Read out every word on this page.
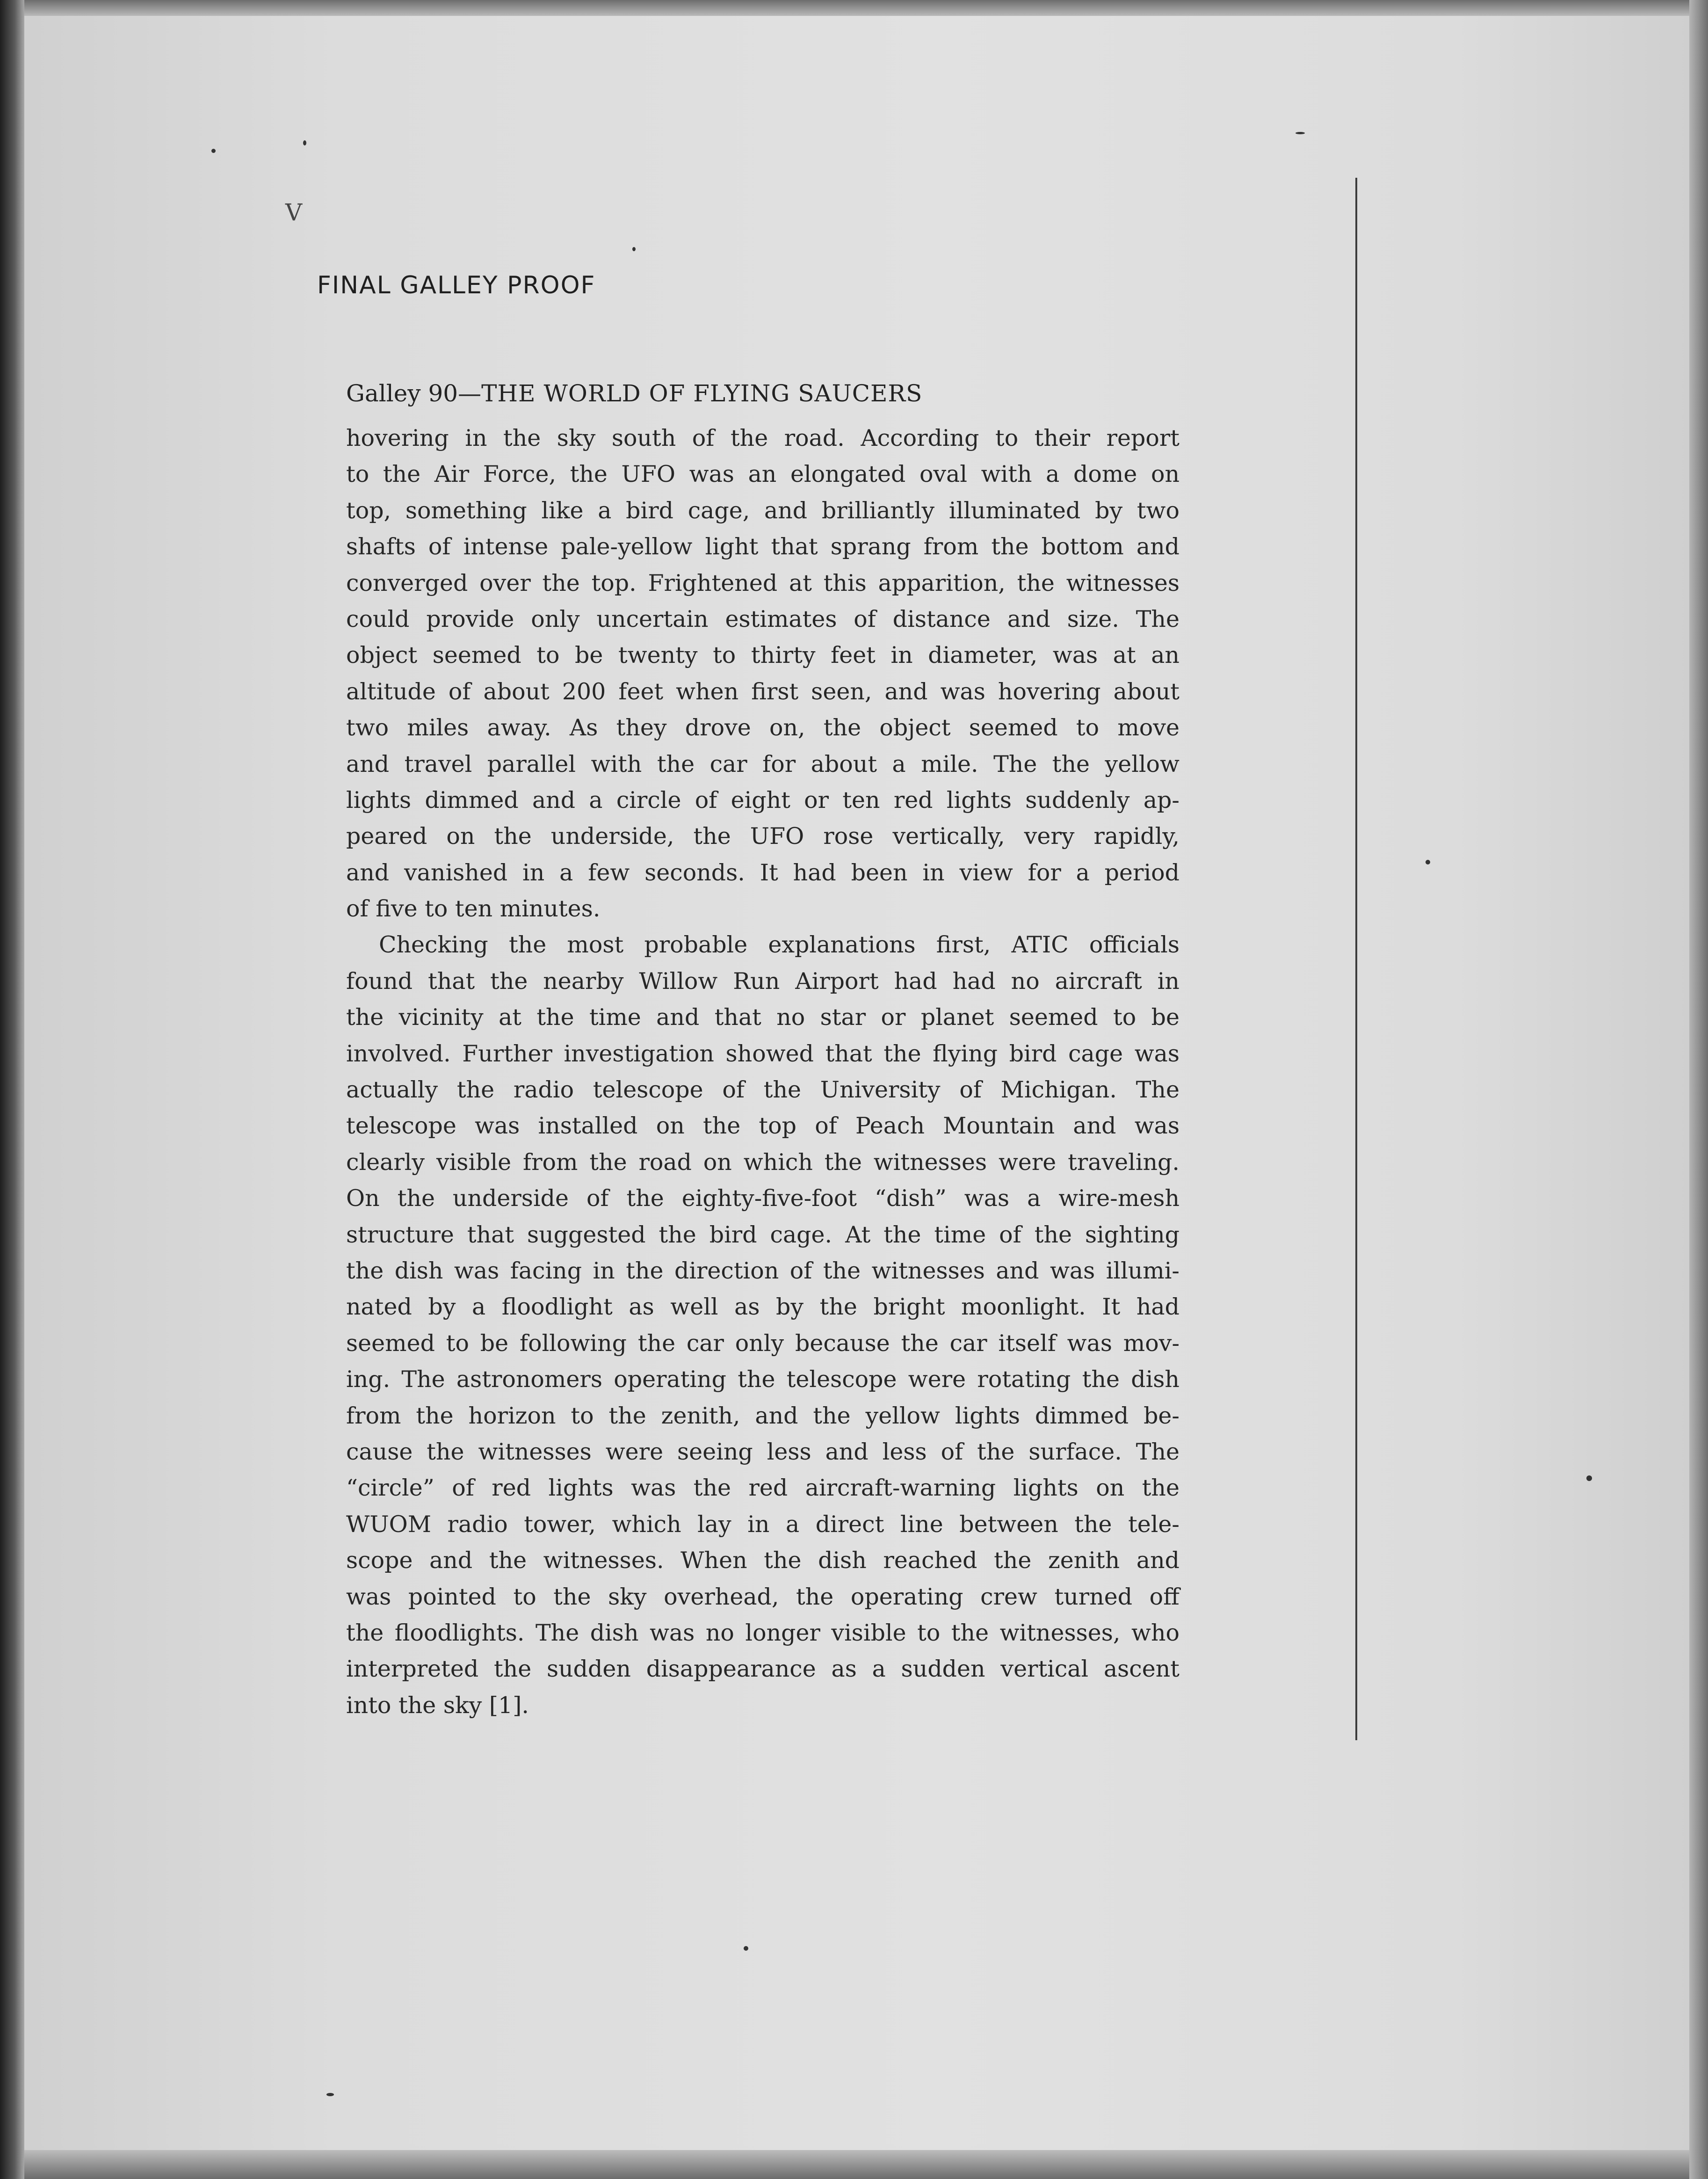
V
FINAL GALLEY PROOF
Galley 90—THE WORLD OF FLYING SAUCERS
hovering in the sky south of the road. According to their report
to the Air Force, the UFO was an elongated oval with a dome on
top, something like a bird cage, and brilliantly illuminated by two
shafts of intense pale-yellow light that sprang from the bottom and
converged over the top. Frightened at this apparition, the witnesses
could provide only uncertain estimates of distance and size. The
object seemed to be twenty to thirty feet in diameter, was at an
altitude of about 200 feet when first seen, and was hovering about
two miles away. As they drove on, the object seemed to move
and travel parallel with the car for about a mile. The the yellow
lights dimmed and a circle of eight or ten red lights suddenly ap-
peared on the underside, the UFO rose vertically, very rapidly,
and vanished in a few seconds. It had been in view for a period
of five to ten minutes.
Checking the most probable explanations first, ATIC officials
found that the nearby Willow Run Airport had had no aircraft in
the vicinity at the time and that no star or planet seemed to be
involved. Further investigation showed that the flying bird cage was
actually the radio telescope of the University of Michigan. The
telescope was installed on the top of Peach Mountain and was
clearly visible from the road on which the witnesses were traveling.
On the underside of the eighty-five-foot “dish” was a wire-mesh
structure that suggested the bird cage. At the time of the sighting
the dish was facing in the direction of the witnesses and was illumi-
nated by a floodlight as well as by the bright moonlight. It had
seemed to be following the car only because the car itself was mov-
ing. The astronomers operating the telescope were rotating the dish
from the horizon to the zenith, and the yellow lights dimmed be-
cause the witnesses were seeing less and less of the surface. The
“circle” of red lights was the red aircraft-warning lights on the
WUOM radio tower, which lay in a direct line between the tele-
scope and the witnesses. When the dish reached the zenith and
was pointed to the sky overhead, the operating crew turned off
the floodlights. The dish was no longer visible to the witnesses, who
interpreted the sudden disappearance as a sudden vertical ascent
into the sky [1].
